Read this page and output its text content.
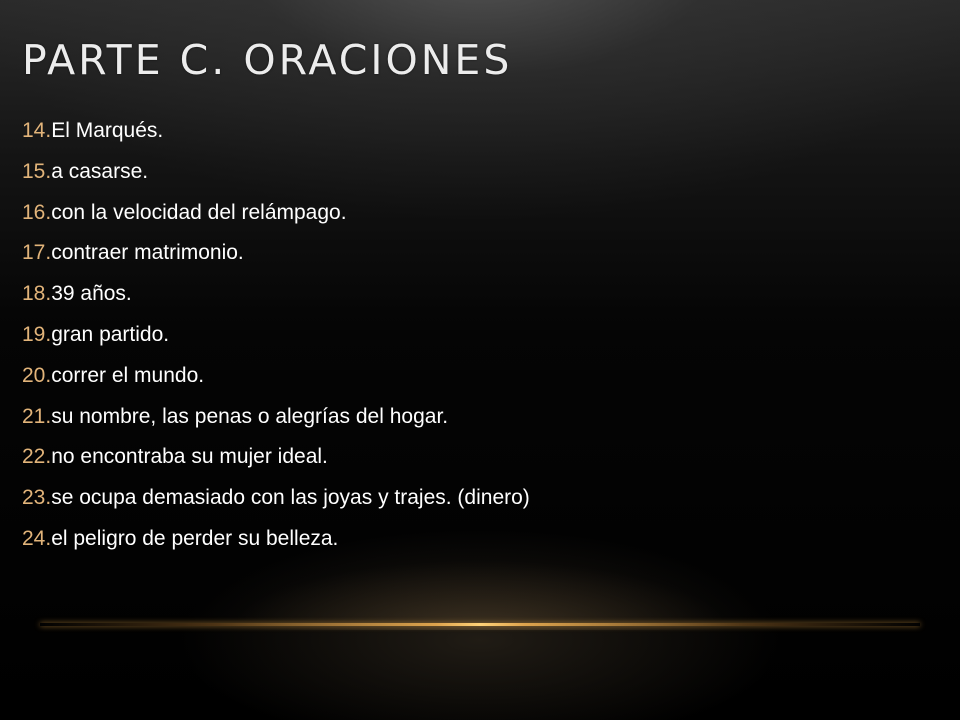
PARTE C. ORACIONES
14.El Marqués.
15.a casarse.
16.con la velocidad del relámpago.
17.contraer matrimonio.
18.39 años.
19.gran partido.
20.correr el mundo.
21.su nombre, las penas o alegrías del hogar.
22.no encontraba su mujer ideal.
23.se ocupa demasiado con las joyas y trajes. (dinero)
24.el peligro de perder su belleza.
